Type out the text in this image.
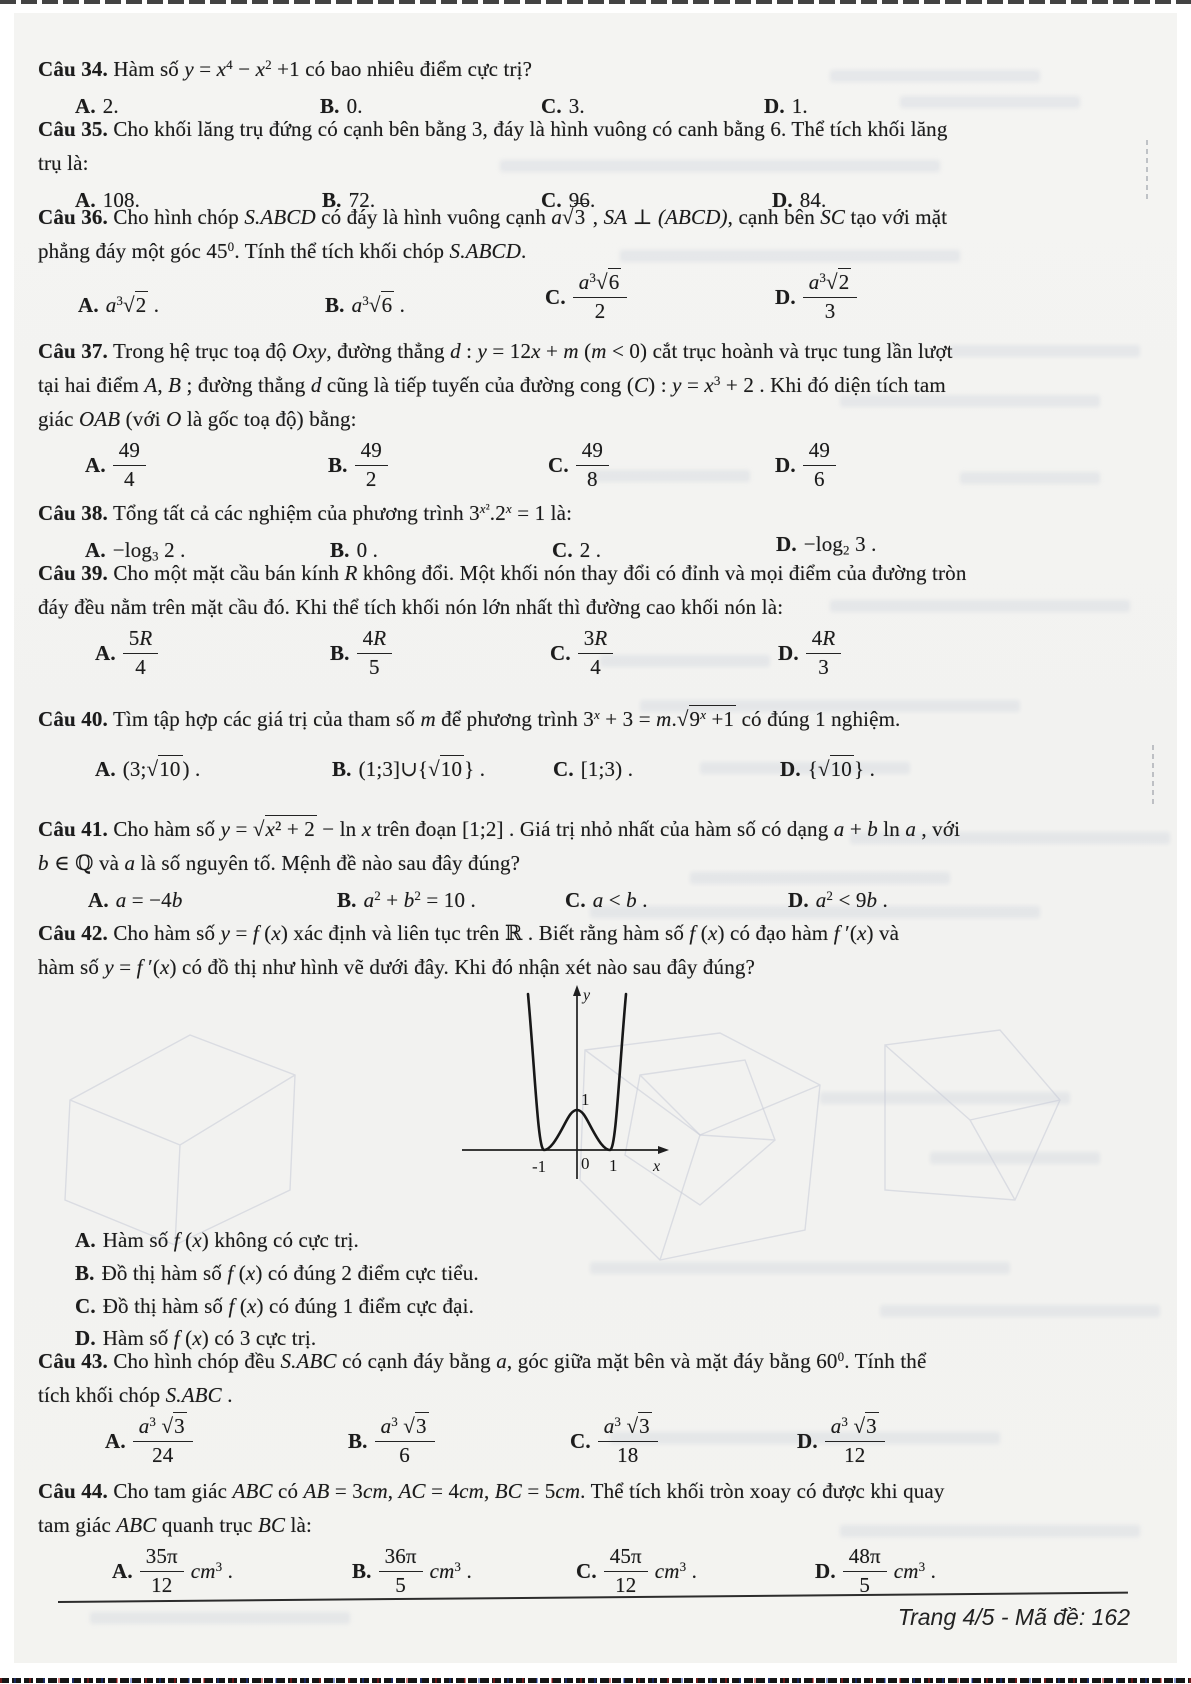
Câu 34. Hàm số $y = x^4 - x^2 +1$ có bao nhiêu điểm cực trị?
A. 2.	B. 0.	C. 3.	D. 1.
Câu 35. Cho khối lăng trụ đứng có cạnh bên bằng 3, đáy là hình vuông có canh bằng 6. Thể tích khối lăng
trụ là:
A. 108.	B. 72.	C. 96.	D. 84.
Câu 36. Cho hình chóp S.ABCD có đáy là hình vuông cạnh a√3 , SA ⊥ (ABCD), cạnh bên SC tạo với mặt
phẳng đáy một góc $45^0$. Tính thể tích khối chóp S.ABCD.
A. $a^3√2$ .	B. $a^3√6$ .	C. $\frac{a^3√6}{2}$	D. $\frac{a^3√2}{3}$
Câu 37. Trong hệ trục toạ độ Oxy, đường thẳng d : y = 12x + m (m < 0) cắt trục hoành và trục tung lần lượt
tại hai điểm A, B ; đường thẳng d cũng là tiếp tuyến của đường cong (C) : $y = x^3 + 2$ . Khi đó diện tích tam
giác OAB (với O là gốc toạ độ) bằng:
A. $\frac{49}{4}$	B. $\frac{49}{2}$	C. $\frac{49}{8}$	D. $\frac{49}{6}$
Câu 38. Tổng tất cả các nghiệm của phương trình $3^{x^2}.2^x = 1$ là:
A. $-\log_3$ 2 .	B. 0 .	C. 2 .	D. $-\log_2$ 3 .
Câu 39. Cho một mặt cầu bán kính R không đổi. Một khối nón thay đổi có đỉnh và mọi điểm của đường tròn
đáy đều nằm trên mặt cầu đó. Khi thể tích khối nón lớn nhất thì đường cao khối nón là:
A. $\frac{5R}{4}$	B. $\frac{4R}{5}$	C. $\frac{3R}{4}$	D. $\frac{4R}{3}$
Câu 40. Tìm tập hợp các giá trị của tham số m để phương trình $3^x + 3 = m.√9^x +1$ có đúng 1 nghiệm.
A. (3;√10) .	B. (1;3]∪{√10} .	C. [1;3) .	D. {√10} .
Câu 41. Cho hàm số y = √x² + 2 − ln x trên đoạn [1;2] . Giá trị nhỏ nhất của hàm số có dạng a + b ln a , với
b ∈ ℚ và a là số nguyên tố. Mệnh đề nào sau đây đúng?
A. a = −4b	B. $a^2 + b^2 = 10$ .	C. a < b .	D. $a^2 < 9b$ .
Câu 42. Cho hàm số y = f (x) xác định và liên tục trên ℝ . Biết rằng hàm số f (x) có đạo hàm f ′(x) và
hàm số y = f ′(x) có đồ thị như hình vẽ dưới đây. Khi đó nhận xét nào sau đây đúng?
y
x
0
-1	1
1
A. Hàm số f (x) không có cực trị.
B. Đồ thị hàm số f (x) có đúng 2 điểm cực tiểu.
C. Đồ thị hàm số f (x) có đúng 1 điểm cực đại.
D. Hàm số f (x) có 3 cực trị.
Câu 43. Cho hình chóp đều S.ABC có cạnh đáy bằng a, góc giữa mặt bên và mặt đáy bằng $60^0$. Tính thể
tích khối chóp S.ABC .
A. $\frac{a^3 √3}{24}$	B. $\frac{a^3 √3}{6}$	C. $\frac{a^3 √3}{18}$	D. $\frac{a^3 √3}{12}$
Câu 44. Cho tam giác ABC có AB = 3cm, AC = 4cm, BC = 5cm. Thể tích khối tròn xoay có được khi quay
tam giác ABC quanh trục BC là:
A. $\frac{35\pi}{12} cm^3$ .	B. $\frac{36\pi}{5} cm^3$ .	C. $\frac{45\pi}{12} cm^3$ .	D. $\frac{48\pi}{5} cm^3$ .
Trang 4/5 - Mã đề: 162
